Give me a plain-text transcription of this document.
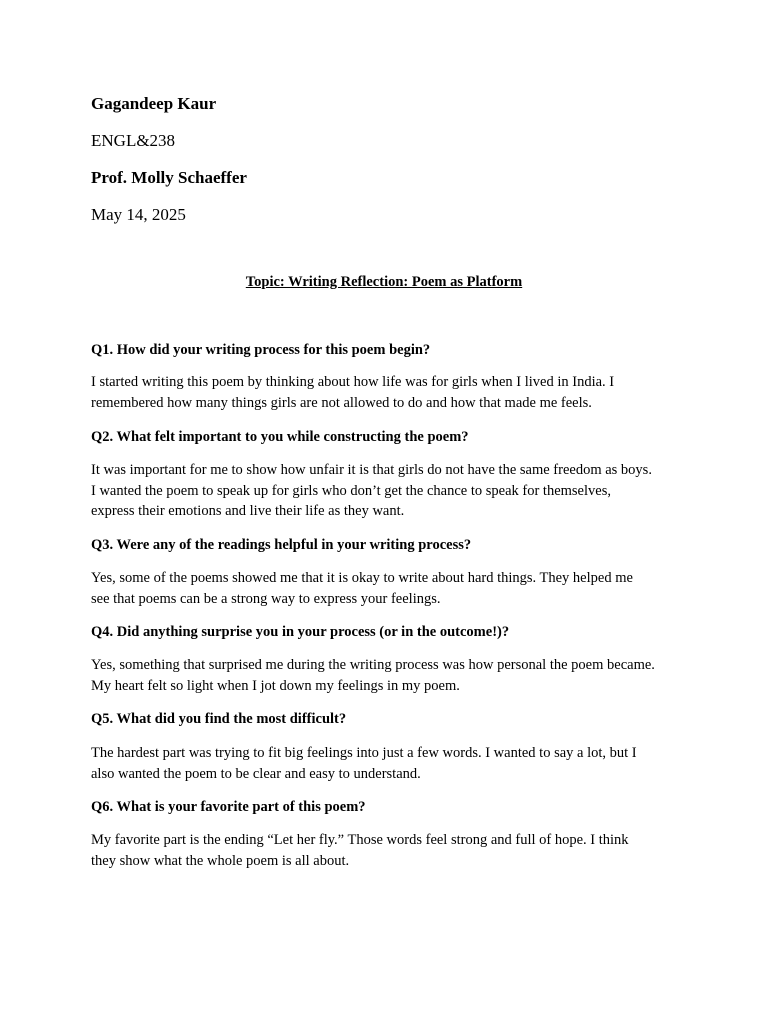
Gagandeep Kaur
ENGL&238
Prof. Molly Schaeffer
May 14, 2025
Topic: Writing Reflection: Poem as Platform
Q1. How did your writing process for this poem begin?
I started writing this poem by thinking about how life was for girls when I lived in India. I
remembered how many things girls are not allowed to do and how that made me feels.
Q2. What felt important to you while constructing the poem?
It was important for me to show how unfair it is that girls do not have the same freedom as boys.
I wanted the poem to speak up for girls who don’t get the chance to speak for themselves,
express their emotions and live their life as they want.
Q3. Were any of the readings helpful in your writing process?
Yes, some of the poems showed me that it is okay to write about hard things. They helped me
see that poems can be a strong way to express your feelings.
Q4. Did anything surprise you in your process (or in the outcome!)?
Yes, something that surprised me during the writing process was how personal the poem became.
My heart felt so light when I jot down my feelings in my poem.
Q5. What did you find the most difficult?
The hardest part was trying to fit big feelings into just a few words. I wanted to say a lot, but I
also wanted the poem to be clear and easy to understand.
Q6. What is your favorite part of this poem?
My favorite part is the ending “Let her fly.” Those words feel strong and full of hope. I think
they show what the whole poem is all about.
